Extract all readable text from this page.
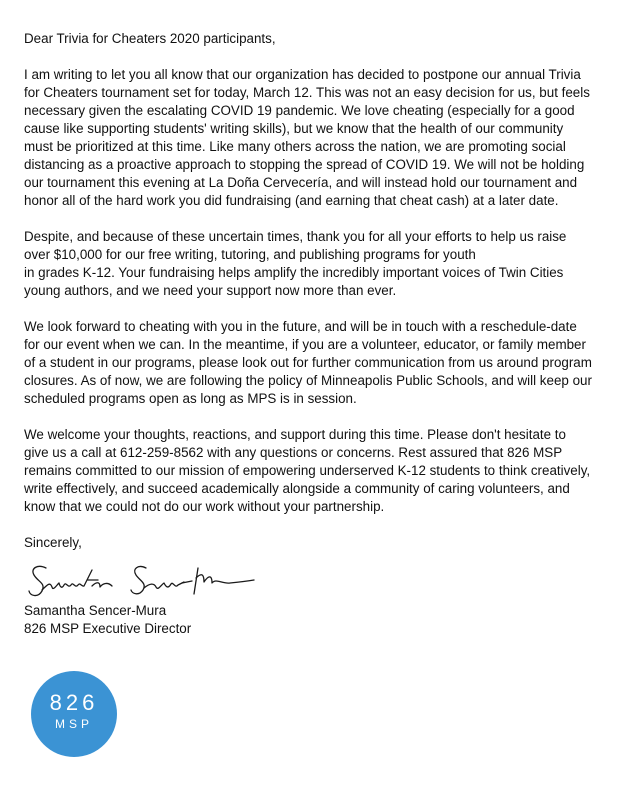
Dear Trivia for Cheaters 2020 participants,
I am writing to let you all know that our organization has decided to postpone our annual Trivia
for Cheaters tournament set for today, March 12. This was not an easy decision for us, but feels
necessary given the escalating COVID 19 pandemic. We love cheating (especially for a good
cause like supporting students' writing skills), but we know that the health of our community
must be prioritized at this time. Like many others across the nation, we are promoting social
distancing as a proactive approach to stopping the spread of COVID 19. We will not be holding
our tournament this evening at La Doña Cervecería, and will instead hold our tournament and
honor all of the hard work you did fundraising (and earning that cheat cash) at a later date.
Despite, and because of these uncertain times, thank you for all your efforts to help us raise
over $10,000 for our free writing, tutoring, and publishing programs for youth
in grades K-12. Your fundraising helps amplify the incredibly important voices of Twin Cities
young authors, and we need your support now more than ever.
We look forward to cheating with you in the future, and will be in touch with a reschedule-date
for our event when we can. In the meantime, if you are a volunteer, educator, or family member
of a student in our programs, please look out for further communication from us around program
closures. As of now, we are following the policy of Minneapolis Public Schools, and will keep our
scheduled programs open as long as MPS is in session.
We welcome your thoughts, reactions, and support during this time. Please don't hesitate to
give us a call at 612-259-8562 with any questions or concerns. Rest assured that 826 MSP
remains committed to our mission of empowering underserved K-12 students to think creatively,
write effectively, and succeed academically alongside a community of caring volunteers, and
know that we could not do our work without your partnership.
Sincerely,
Samantha Sencer-Mura
826 MSP Executive Director
826
MSP
